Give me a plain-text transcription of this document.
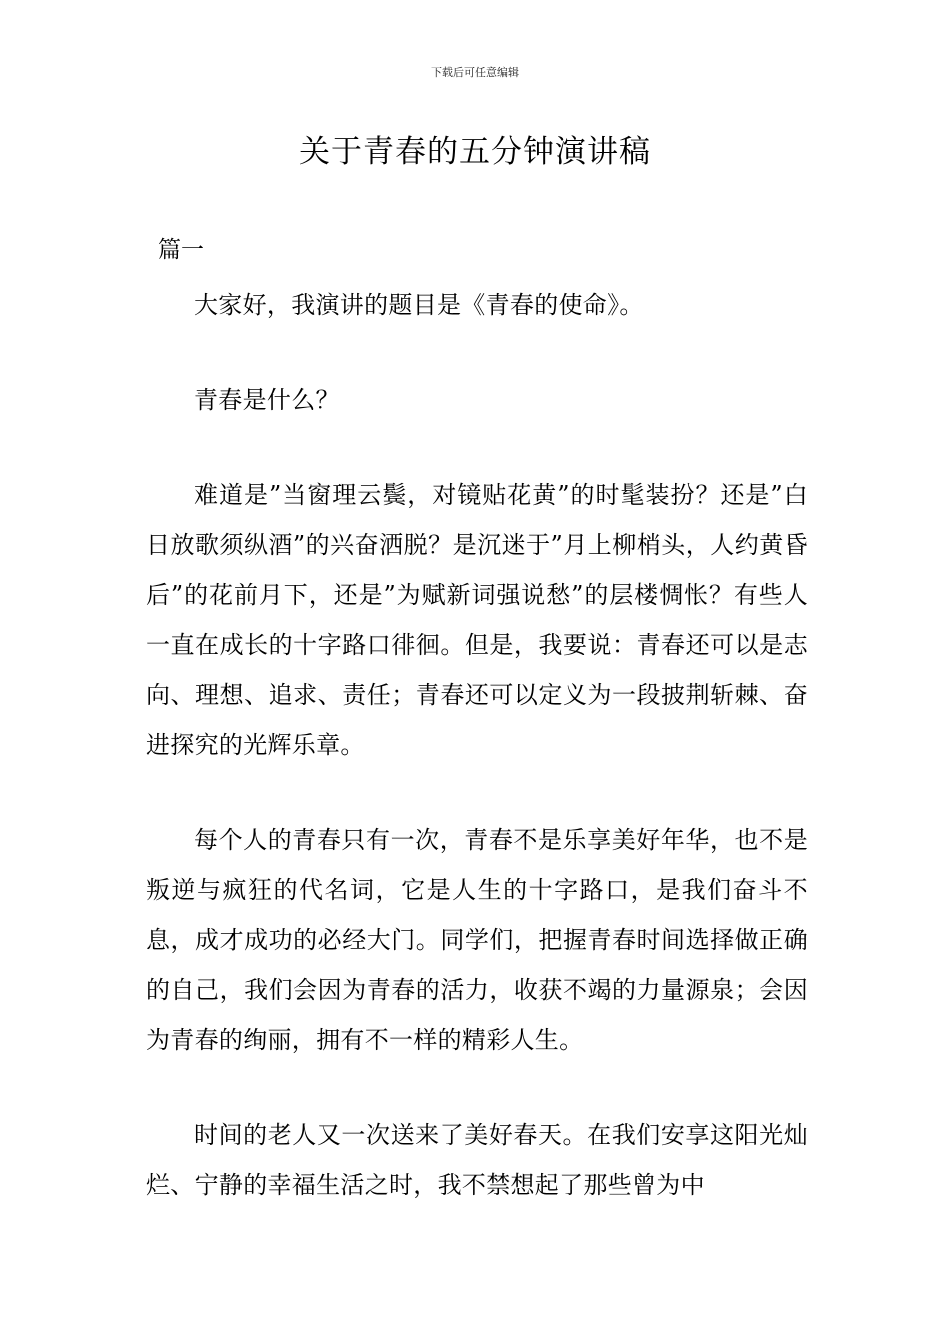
下载后可任意编辑
关于青春的五分钟演讲稿
篇一

大家好，我演讲的题目是《青春的使命》。

青春是什么？

难道是”当窗理云鬓，对镜贴花黄”的时髦装扮？还是”白日放歌须纵酒”的兴奋洒脱？是沉迷于”月上柳梢头，人约黄昏后”的花前月下，还是”为赋新词强说愁”的层楼惆怅？有些人一直在成长的十字路口徘徊。但是，我要说：青春还可以是志向、理想、追求、责任；青春还可以定义为一段披荆斩棘、奋进探究的光辉乐章。

每个人的青春只有一次，青春不是乐享美好年华，也不是叛逆与疯狂的代名词，它是人生的十字路口，是我们奋斗不息，成才成功的必经大门。同学们，把握青春时间选择做正确的自己，我们会因为青春的活力，收获不竭的力量源泉；会因为青春的绚丽，拥有不一样的精彩人生。

时间的老人又一次送来了美好春天。在我们安享这阳光灿烂、宁静的幸福生活之时，我不禁想起了那些曾为中
